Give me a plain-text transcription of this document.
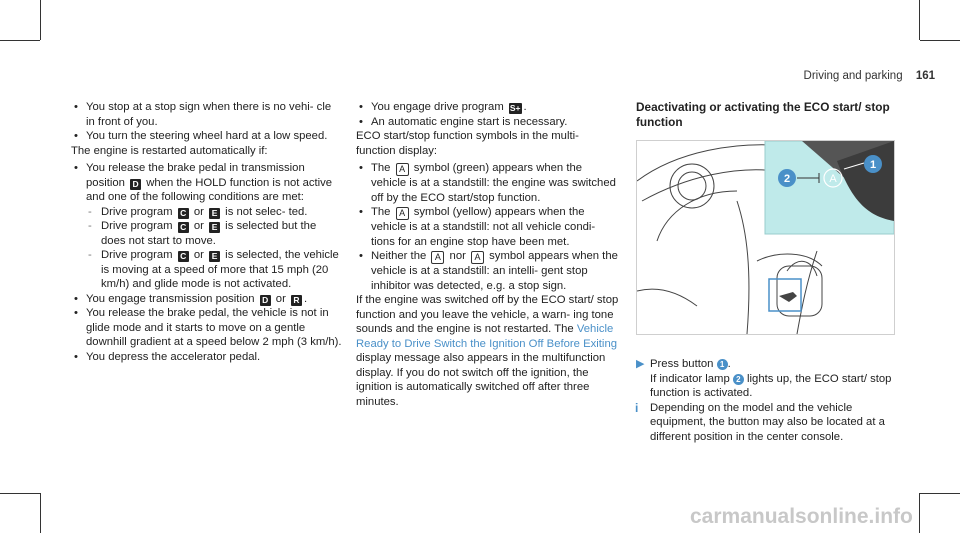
Driving and parking 161

• You stop at a stop sign when there is no vehi- cle in front of you.

• You turn the steering wheel hard at a low speed.

The engine is restarted automatically if:

• You release the brake pedal in transmission position D when the HOLD function is not active and one of the following conditions are met:

- Drive program C or E is not selec- ted.

- Drive program C or E is selected but the does not start to move.

- Drive program C or E is selected, the vehicle is moving at a speed of more that 15 mph (20 km/h) and glide mode is not activated.

• You engage transmission position D or R .

• You release the brake pedal, the vehicle is not in glide mode and it starts to move on a gentle downhill gradient at a speed below 2 mph (3 km/h).

• You depress the accelerator pedal.

• You engage drive program S+ .

• An automatic engine start is necessary.

ECO start/stop function symbols in the multi- function display:

• The A symbol (green) appears when the vehicle is at a standstill: the engine was switched off by the ECO start/stop function.

• The A symbol (yellow) appears when the vehicle is at a standstill: not all vehicle condi- tions for an engine stop have been met.

• Neither the A nor A symbol appears when the vehicle is at a standstill: an intelli- gent stop inhibitor was detected, e.g. a stop sign.

If the engine was switched off by the ECO start/ stop function and you leave the vehicle, a warn- ing tone sounds and the engine is not restarted. The Vehicle Ready to Drive Switch the Ignition Off Before Exiting display message also appears in the multifunction display. If you do not switch off the ignition, the ignition is automatically switched off after three minutes.

Deactivating or activating the ECO start/ stop function

A
2
1

▶ Press button 1 .
If indicator lamp 2 lights up, the ECO start/ stop function is activated.

i Depending on the model and the vehicle equipment, the button may also be located at a different position in the center console.

carmanualsonline.info
